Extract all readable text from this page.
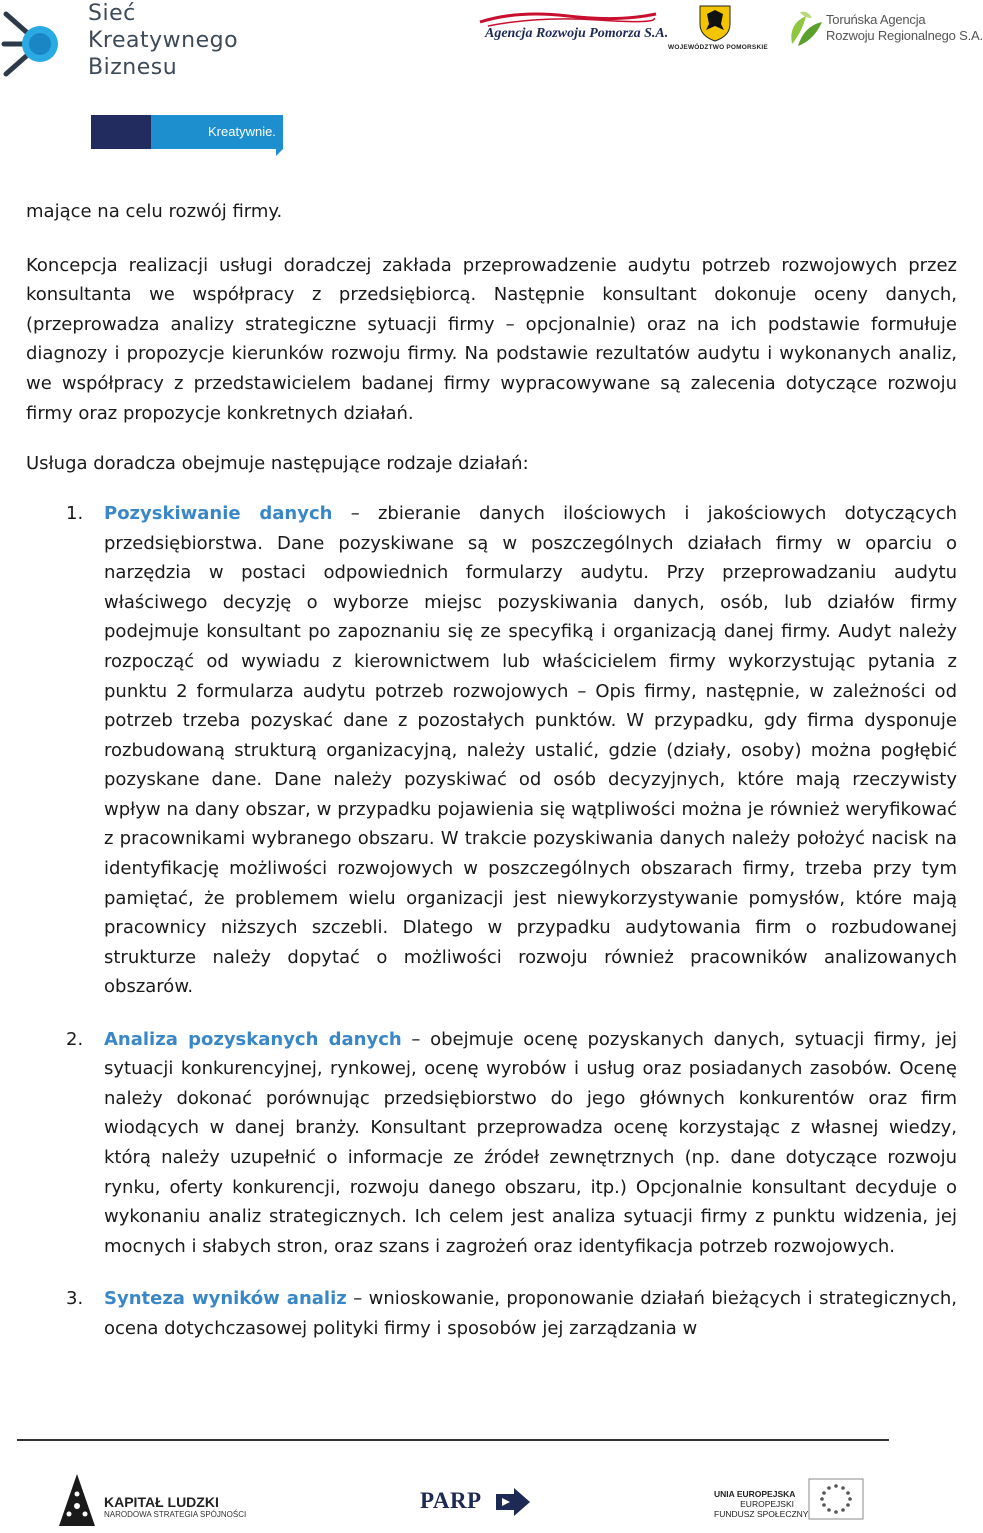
Sieć
Kreatywnego
Biznesu
Kreatywnie.
Agencja Rozwoju Pomorza S.A.
WOJEWÓDZTWO POMORSKIE
Toruńska Agencja
Rozwoju Regionalnego S.A.

mające na celu rozwój firmy.

Koncepcja realizacji usługi doradczej zakłada przeprowadzenie audytu potrzeb rozwojowych przez konsultanta we współpracy z przedsiębiorcą. Następnie konsultant dokonuje oceny danych, (przeprowadza analizy strategiczne sytuacji firmy – opcjonalnie) oraz na ich podstawie formułuje diagnozy i propozycje kierunków rozwoju firmy. Na podstawie rezultatów audytu i wykonanych analiz, we współpracy z przedstawicielem badanej firmy wypracowywane są zalecenia dotyczące rozwoju firmy oraz propozycje konkretnych działań.

Usługa doradcza obejmuje następujące rodzaje działań:

1. Pozyskiwanie danych – zbieranie danych ilościowych i jakościowych dotyczących przedsiębiorstwa. Dane pozyskiwane są w poszczególnych działach firmy w oparciu o narzędzia w postaci odpowiednich formularzy audytu. Przy przeprowadzaniu audytu właściwego decyzję o wyborze miejsc pozyskiwania danych, osób, lub działów firmy podejmuje konsultant po zapoznaniu się ze specyfiką i organizacją danej firmy. Audyt należy rozpocząć od wywiadu z kierownictwem lub właścicielem firmy wykorzystując pytania z punktu 2 formularza audytu potrzeb rozwojowych – Opis firmy, następnie, w zależności od potrzeb trzeba pozyskać dane z pozostałych punktów. W przypadku, gdy firma dysponuje rozbudowaną strukturą organizacyjną, należy ustalić, gdzie (działy, osoby) można pogłębić pozyskane dane. Dane należy pozyskiwać od osób decyzyjnych, które mają rzeczywisty wpływ na dany obszar, w przypadku pojawienia się wątpliwości można je również weryfikować z pracownikami wybranego obszaru. W trakcie pozyskiwania danych należy położyć nacisk na identyfikację możliwości rozwojowych w poszczególnych obszarach firmy, trzeba przy tym pamiętać, że problemem wielu organizacji jest niewykorzystywanie pomysłów, które mają pracownicy niższych szczebli. Dlatego w przypadku audytowania firm o rozbudowanej strukturze należy dopytać o możliwości rozwoju również pracowników analizowanych obszarów.
2. Analiza pozyskanych danych – obejmuje ocenę pozyskanych danych, sytuacji firmy, jej sytuacji konkurencyjnej, rynkowej, ocenę wyrobów i usług oraz posiadanych zasobów. Ocenę należy dokonać porównując przedsiębiorstwo do jego głównych konkurentów oraz firm wiodących w danej branży. Konsultant przeprowadza ocenę korzystając z własnej wiedzy, którą należy uzupełnić o informacje ze źródeł zewnętrznych (np. dane dotyczące rozwoju rynku, oferty konkurencji, rozwoju danego obszaru, itp.) Opcjonalnie konsultant decyduje o wykonaniu analiz strategicznych. Ich celem jest analiza sytuacji firmy z punktu widzenia, jej mocnych i słabych stron, oraz szans i zagrożeń oraz identyfikacja potrzeb rozwojowych.
3. Synteza wyników analiz – wnioskowanie, proponowanie działań bieżących i strategicznych, ocena dotychczasowej polityki firmy i sposobów jej zarządzania w
KAPITAŁ LUDZKI
NARODOWA STRATEGIA SPÓJNOŚCI
PARP	UNIA EUROPEJSKA
EUROPEJSKI
FUNDUSZ SPOŁECZNY
